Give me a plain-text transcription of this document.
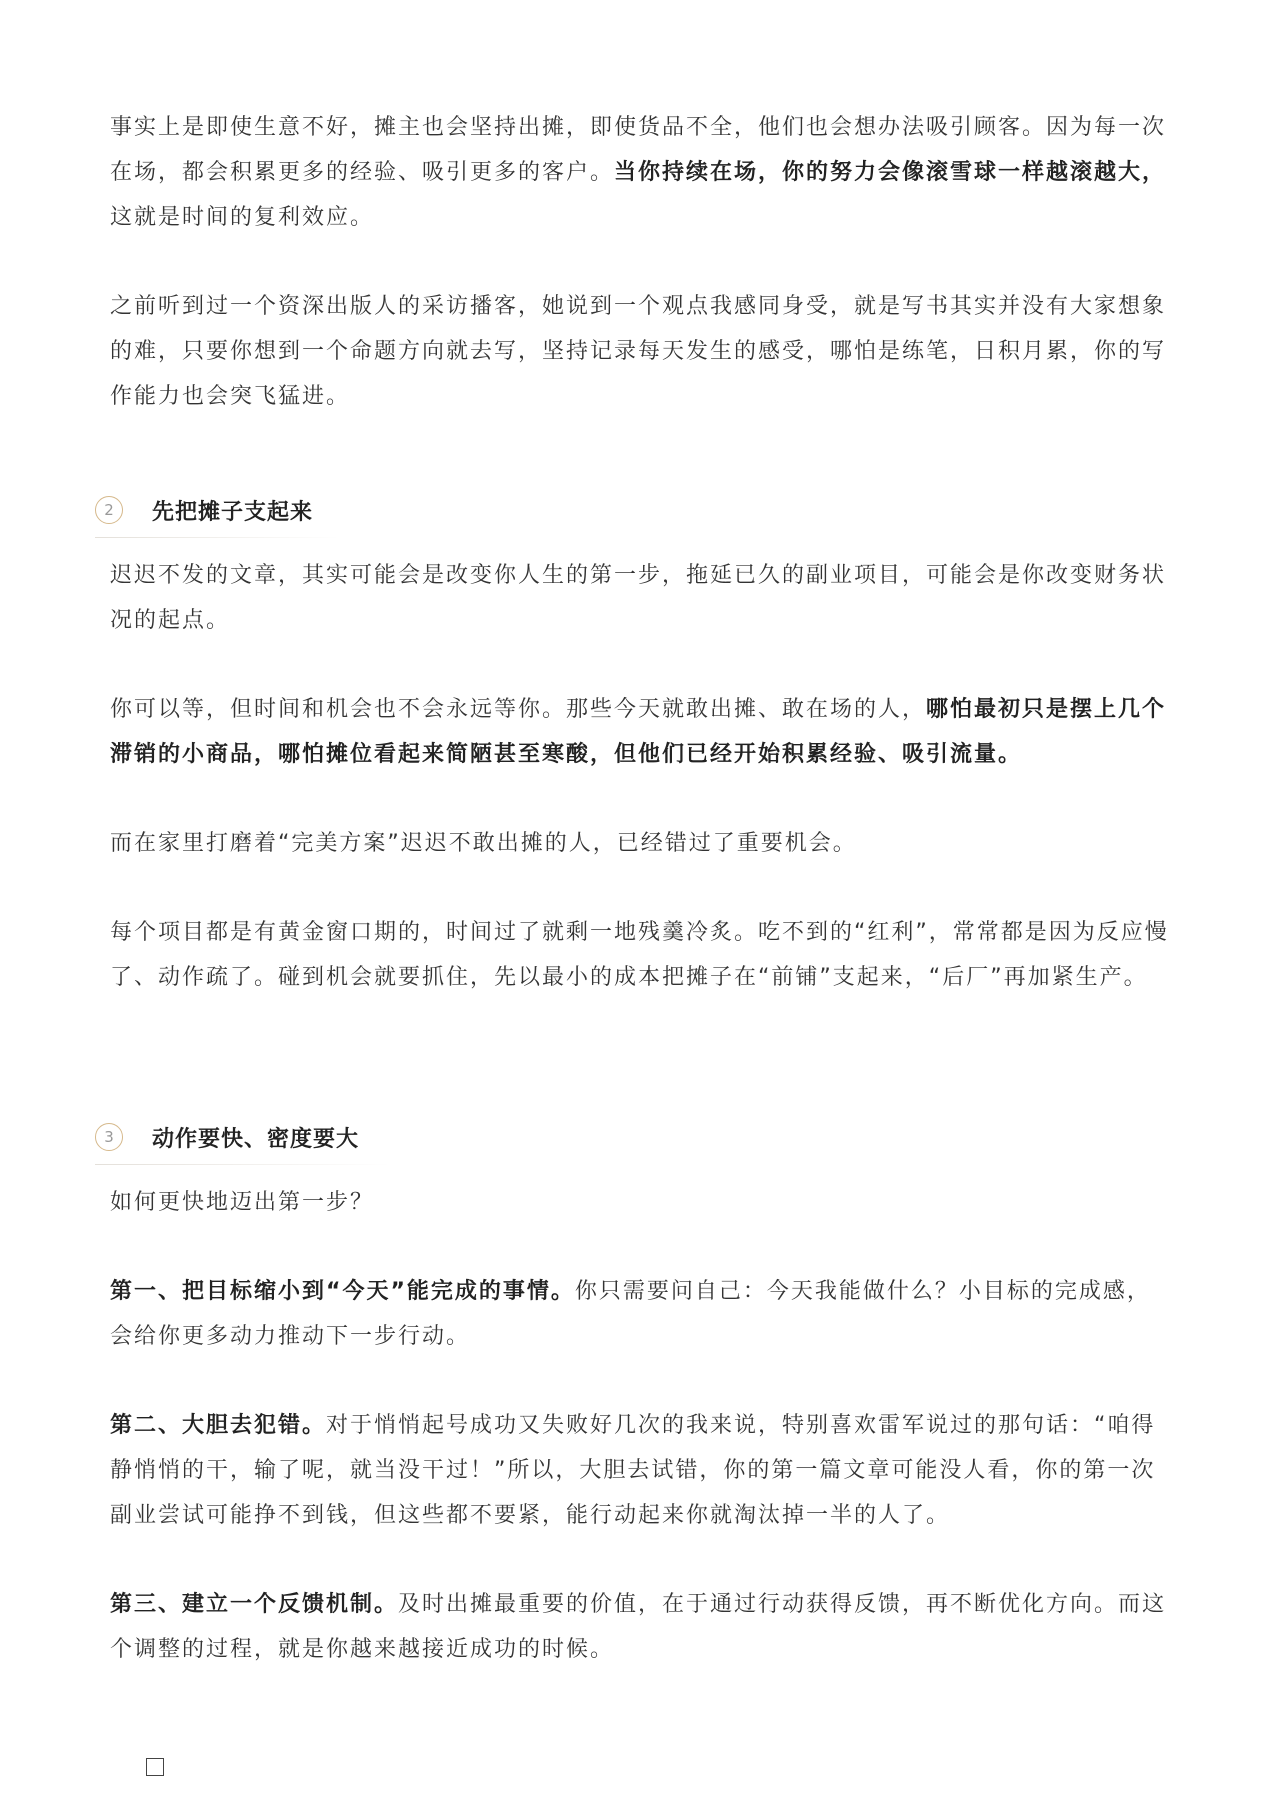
事实上是即使生意不好，摊主也会坚持出摊，即使货品不全，他们也会想办法吸引顾客。因为每一次在场，都会积累更多的经验、吸引更多的客户。当你持续在场，你的努力会像滚雪球一样越滚越大，这就是时间的复利效应。

之前听到过一个资深出版人的采访播客，她说到一个观点我感同身受，就是写书其实并没有大家想象的难，只要你想到一个命题方向就去写，坚持记录每天发生的感受，哪怕是练笔，日积月累，你的写作能力也会突飞猛进。

2	先把摊子支起来

迟迟不发的文章，其实可能会是改变你人生的第一步，拖延已久的副业项目，可能会是你改变财务状况的起点。

你可以等，但时间和机会也不会永远等你。那些今天就敢出摊、敢在场的人，哪怕最初只是摆上几个滞销的小商品，哪怕摊位看起来简陋甚至寒酸，但他们已经开始积累经验、吸引流量。

而在家里打磨着“完美方案”迟迟不敢出摊的人，已经错过了重要机会。

每个项目都是有黄金窗口期的，时间过了就剩一地残羹冷炙。吃不到的“红利”，常常都是因为反应慢了、动作疏了。碰到机会就要抓住，先以最小的成本把摊子在“前铺”支起来，“后厂”再加紧生产。

3	动作要快、密度要大

如何更快地迈出第一步？

第一、把目标缩小到“今天”能完成的事情。你只需要问自己：今天我能做什么？小目标的完成感，会给你更多动力推动下一步行动。

第二、大胆去犯错。对于悄悄起号成功又失败好几次的我来说，特别喜欢雷军说过的那句话：“咱得静悄悄的干，输了呢，就当没干过！”所以，大胆去试错，你的第一篇文章可能没人看，你的第一次副业尝试可能挣不到钱，但这些都不要紧，能行动起来你就淘汰掉一半的人了。

第三、建立一个反馈机制。及时出摊最重要的价值，在于通过行动获得反馈，再不断优化方向。而这个调整的过程，就是你越来越接近成功的时候。
